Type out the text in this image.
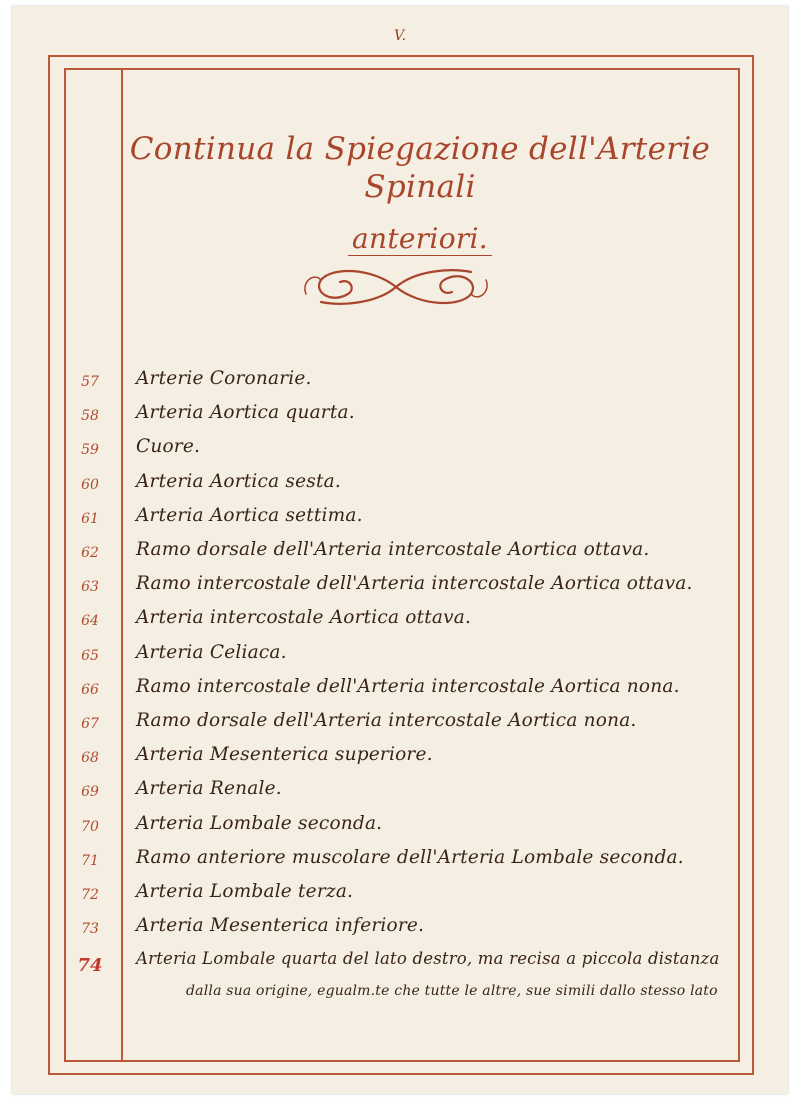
V.
Continua la Spiegazione dell'Arterie Spinali
anteriori.
57	Arterie Coronarie.
58	Arteria Aortica quarta.
59	Cuore.
60	Arteria Aortica sesta.
61	Arteria Aortica settima.
62	Ramo dorsale dell'Arteria intercostale Aortica ottava.
63	Ramo intercostale dell'Arteria intercostale Aortica ottava.
64	Arteria intercostale Aortica ottava.
65	Arteria Celiaca.
66	Ramo intercostale dell'Arteria intercostale Aortica nona.
67	Ramo dorsale dell'Arteria intercostale Aortica nona.
68	Arteria Mesenterica superiore.
69	Arteria Renale.
70	Arteria Lombale seconda.
71	Ramo anteriore muscolare dell'Arteria Lombale seconda.
72	Arteria Lombale terza.
73	Arteria Mesenterica inferiore.
74	Arteria Lombale quarta del lato destro, ma recisa a piccola distanza
dalla sua origine, egualm.te che tutte le altre, sue simili dallo stesso lato
